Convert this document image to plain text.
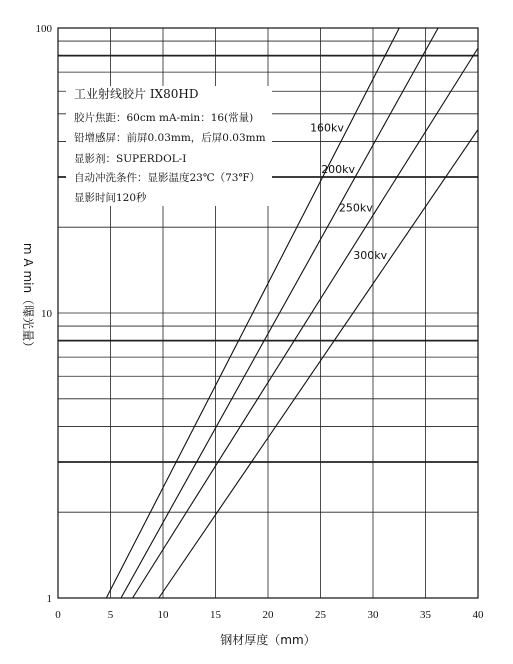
160kv
200kv
250kv
300kv
0	5	10	15	20	25	30	35	40
1
10
100
钢材厚度（mm）
m A min（曝光量）
工业射线胶片 IX80HD
胶片焦距：60cm mA-min：16(常量)
铅增感屏：前屏0.03mm，后屏0.03mm
显影剂：SUPERDOL-I
自动冲洗条件：显影温度23℃（73℉）
显影时间120秒
